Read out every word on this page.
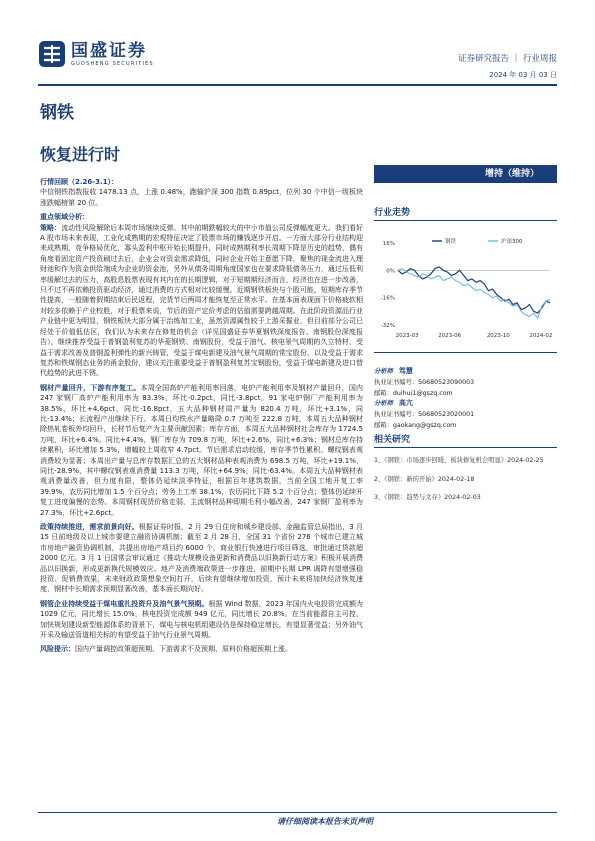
国盛证券
GUOSHENG SECURITIES	证券研究报告 ｜ 行业周报
2024 年 03 月 03 日
钢铁
恢复进行时

行情回顾（2.26-3.1）：
中信钢铁指数报收 1478.13 点，上涨 0.48%，跑输沪深 300 指数 0.89pct，位列 30 个中信一级板块涨跌幅榜第 20 位。

重点领域分析：
策略：流动性风险解除后本周市场继续反弹。其中前期跌幅较大的中小市值公司反弹幅度更大。我们看好 A 股市场未来表现，工业化成熟期的宏观特征决定了股票市场的赚钱逐步开启。一方面大部分行业结构迎来成熟期，竞争格局优化，寡头盈利中枢开始长期提升，同时成熟期利率长周期下降是历史的趋势，偶有角度看固定资产投资刷过去后，企业会对资金需求降低，同时企业开始主意愿下降，聚焦的现金流进入理财池和作为资金供给端成为企业的资金池，另外从债务周期角度国家也在要求降低债务压力，通过压低利率缓解过去的压力，高股息股票表现有其内在的长期逻辑，对于短期期经济而言，经济也在进一步改善，只不过不再依赖投资驱动经济，通过消费的方式相对比较缓慢。近期钢铁板块与个股可能，短期库存季节性提高，一般随着假期结束后民返程，完货节后两周才能恢复至正常水平。在基本面表现面下价格疲软相对较多依赖于产业校胜，对于股票来说，节后的资产定价考虑的估值需要跨越周期。在此阶段资源品行业产业链中更为明显，钢铁板块大部分属于治炼加工业，虽然资源属性较于上游采掘业，但目前部分公司已经处于价值低估区，我们认为未来存在修复的机会（详见国盛证券华夏钢铁深度报告、南钢股份深度报告），继续推荐受益于普钢盈利复苏的华菱钢铁、南钢股份，受益于油气、核电景气周期的久立特材，受益于需求改善及普钢盈利弹性的新兴铸管，受益于煤电新建及油气景气周期的常宝股份，以及受益于需求复苏和铁煤钢态业务的甬金股份，建议关注重要受益于普钢盈利复苏宝钢股份，受益于煤电新建及进口替代趋势的武进不锈。

钢材产量回升，下游有序复工。本周全国高炉产能利用率回落，电炉产能利用率及钢材产量回升，国内 247 家钢厂高炉产能利用率为 83.3%，环比-0.2pct，同比-3.8pct。91 家电炉钢厂产能利用率为 38.5%，环比+4.6pct，同比-16.8pct，五大品种钢材周产量为 820.4 万吨，环比+3.1%，同比-13.4%；长流程产出继续下行。本周日均铁水产量略降 0.7 万吨至 222.8 万吨，本周五大品种钢材除热轧卷板外均回升，长材节后复产为主要贡献因素；库存方面，本周五大品种钢材社会库存为 1724.5 万吨，环比+6.4%，同比+4.4%，钢厂库存为 709.8 万吨，环比+2.6%，同比+6.3%；钢材总库存持续累积，环比增加 5.3%，增幅较上周收窄 4.7pct。节后需求启动较缓，库存季节性累积。螺纹钢表观消费较为显著；本周出产量与总库存数据汇总的五大钢材品种表观消费为 698.5 万吨，环比+19.1%，同比-28.9%，其中螺纹钢表观消费量 113.3 万吨，环比+64.9%，同比-63.4%。本周五大品种钢材表观消费量改善，但力度有限，整体仍延续淡季特征，根据百年建筑数据，当前全国工地开复工率 39.9%，农历同比增加 1.5 个百分点；劳务上工率 38.1%，农历同比下降 5.2 个百分点；整体仍延续开复工进度偏慢的态势。本周钢材现货价格走弱，主流钢材品种即期毛利小幅改善，247 家钢厂盈利率为 27.3%，环比+2.6pct。

政策持续推进，需求前景向好。根据证券时报，2 月 29 日住房和城乡建设部、金融监管总局指出，3 月 15 日前地级及以上城市要建立融资协调机制；截至 2 月 28 日，全国 31 个省份 276 个城市已建立城市房地产融资协调机制，共提出房地产项目约 6000 个，商业银行快速进行项目筛选，审批通过贷款超 2000 亿元。3 月 1 日国常会审议通过《推动大规模设备更新和消费品以旧换新行动方案》积极开展消费品以旧换新，形成更新换代规模效应。地产及消费端政策进一步推进，前期中长期 LPR 调降有望增强稳投资、促销费效果，未来财政政策想象空间打开，后续有望继续增加投资，预计未来将加快经济恢复速度，钢材中长期需求预期显著改善，基本面长期向好。

钢管企业持续受益于煤电重扎投资升及油气景气预期。根据 Wind 数据，2023 年国内火电投资完成额为 1029 亿元，同比增长 15.0%，核电投资完成额 949 亿元，同比增长 20.8%。在当前能源自主可控，加快规划建设新型能源体系的背景下，煤电与核电机组建设仍是保持稳定增长，有望显著受益；另外油气开采及输送管道相关标的有望受益于油气行业景气周期。

风险提示：国内产量调控政策超预期、下游需求不及预期、原料价格超预期上涨。

增持（维持）
行业走势
16%
0%
-16%
-32%
2023-03	2023-06	2023-10	2024-02
钢铁	沪深300
分析师 笃慧
执业证书编号：S0680523090003
邮箱：duihui1@gszq.com
分析师 高亢
执业证书编号：S0680523020001
邮箱：gaokang@gszq.com
相关研究
1、《钢铁：市场逐步回暖，板块修复机会明显》2024-02-25
2、《钢铁：新的开始》2024-02-18
3、《钢铁：趋势与文存》2024-02-03
请仔细阅读本报告末页声明
